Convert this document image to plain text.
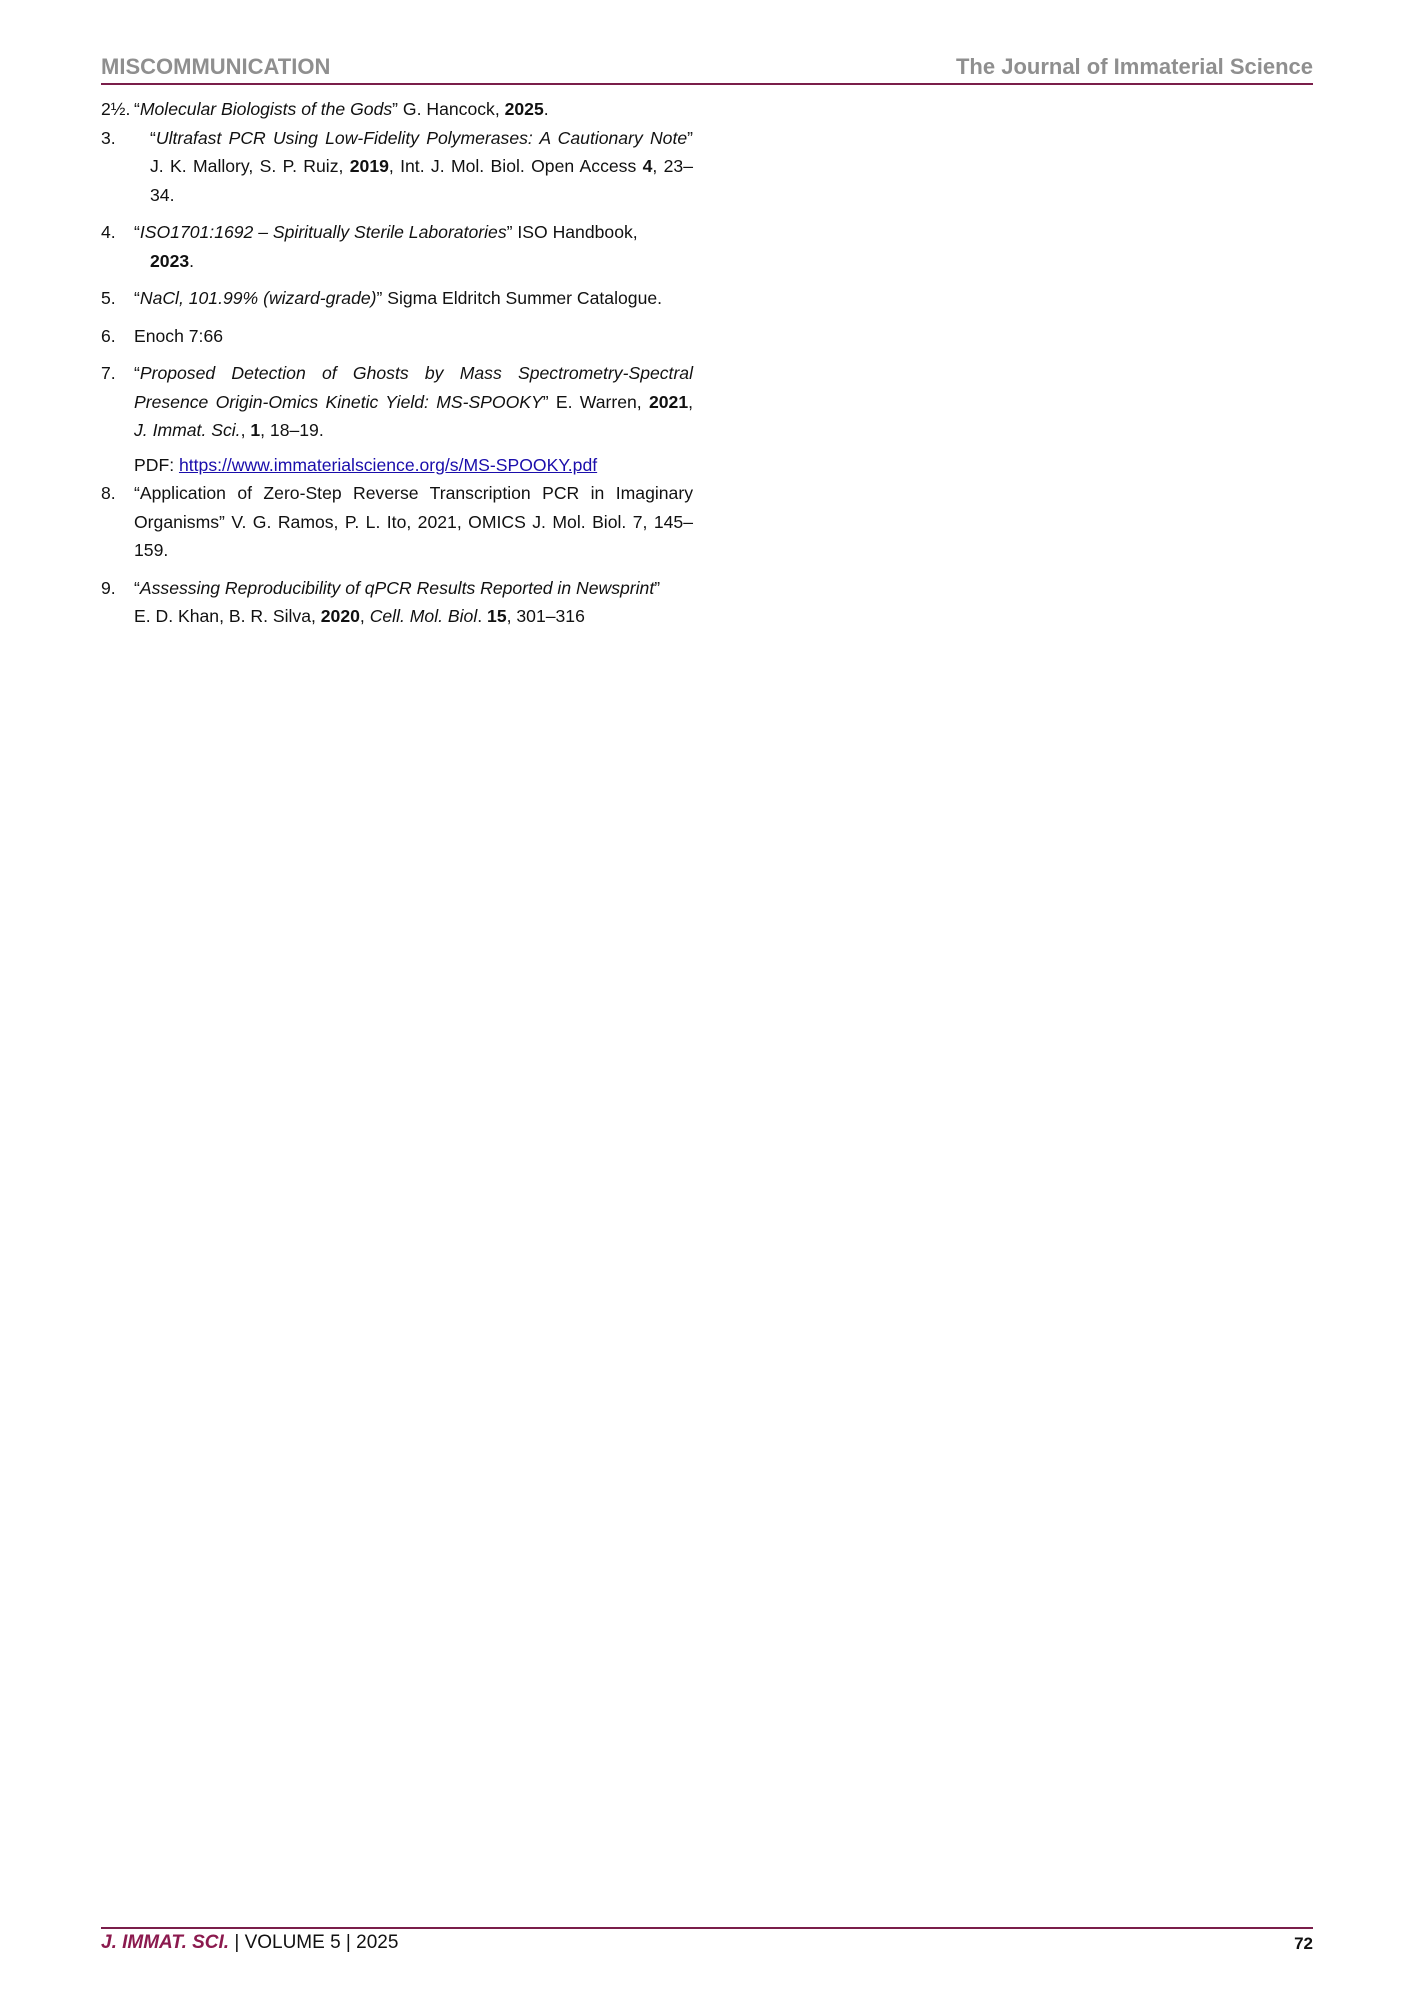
MISCOMMUNICATION	The Journal of Immaterial Science
2½. “Molecular Biologists of the Gods” G. Hancock, 2025.
3. “Ultrafast PCR Using Low-Fidelity Polymerases: A Cautionary Note” J. K. Mallory, S. P. Ruiz, 2019, Int. J. Mol. Biol. Open Access 4, 23–34.
4. “ISO1701:1692 – Spiritually Sterile Laboratories” ISO Handbook,
2023.
5. “NaCl, 101.99% (wizard-grade)” Sigma Eldritch Summer Catalogue.
6. Enoch 7:66
7. “Proposed Detection of Ghosts by Mass Spectrometry-Spectral Presence Origin-Omics Kinetic Yield: MS-SPOOKY” E. Warren, 2021, J. Immat. Sci., 1, 18–19.
PDF: https://www.immaterialscience.org/s/MS-SPOOKY.pdf
8. “Application of Zero-Step Reverse Transcription PCR in Imaginary Organisms” V. G. Ramos, P. L. Ito, 2021, OMICS J. Mol. Biol. 7, 145–159.
9. “Assessing Reproducibility of qPCR Results Reported in Newsprint”
E. D. Khan, B. R. Silva, 2020, Cell. Mol. Biol. 15, 301–316
J. IMMAT. SCI. | VOLUME 5 | 2025	72
